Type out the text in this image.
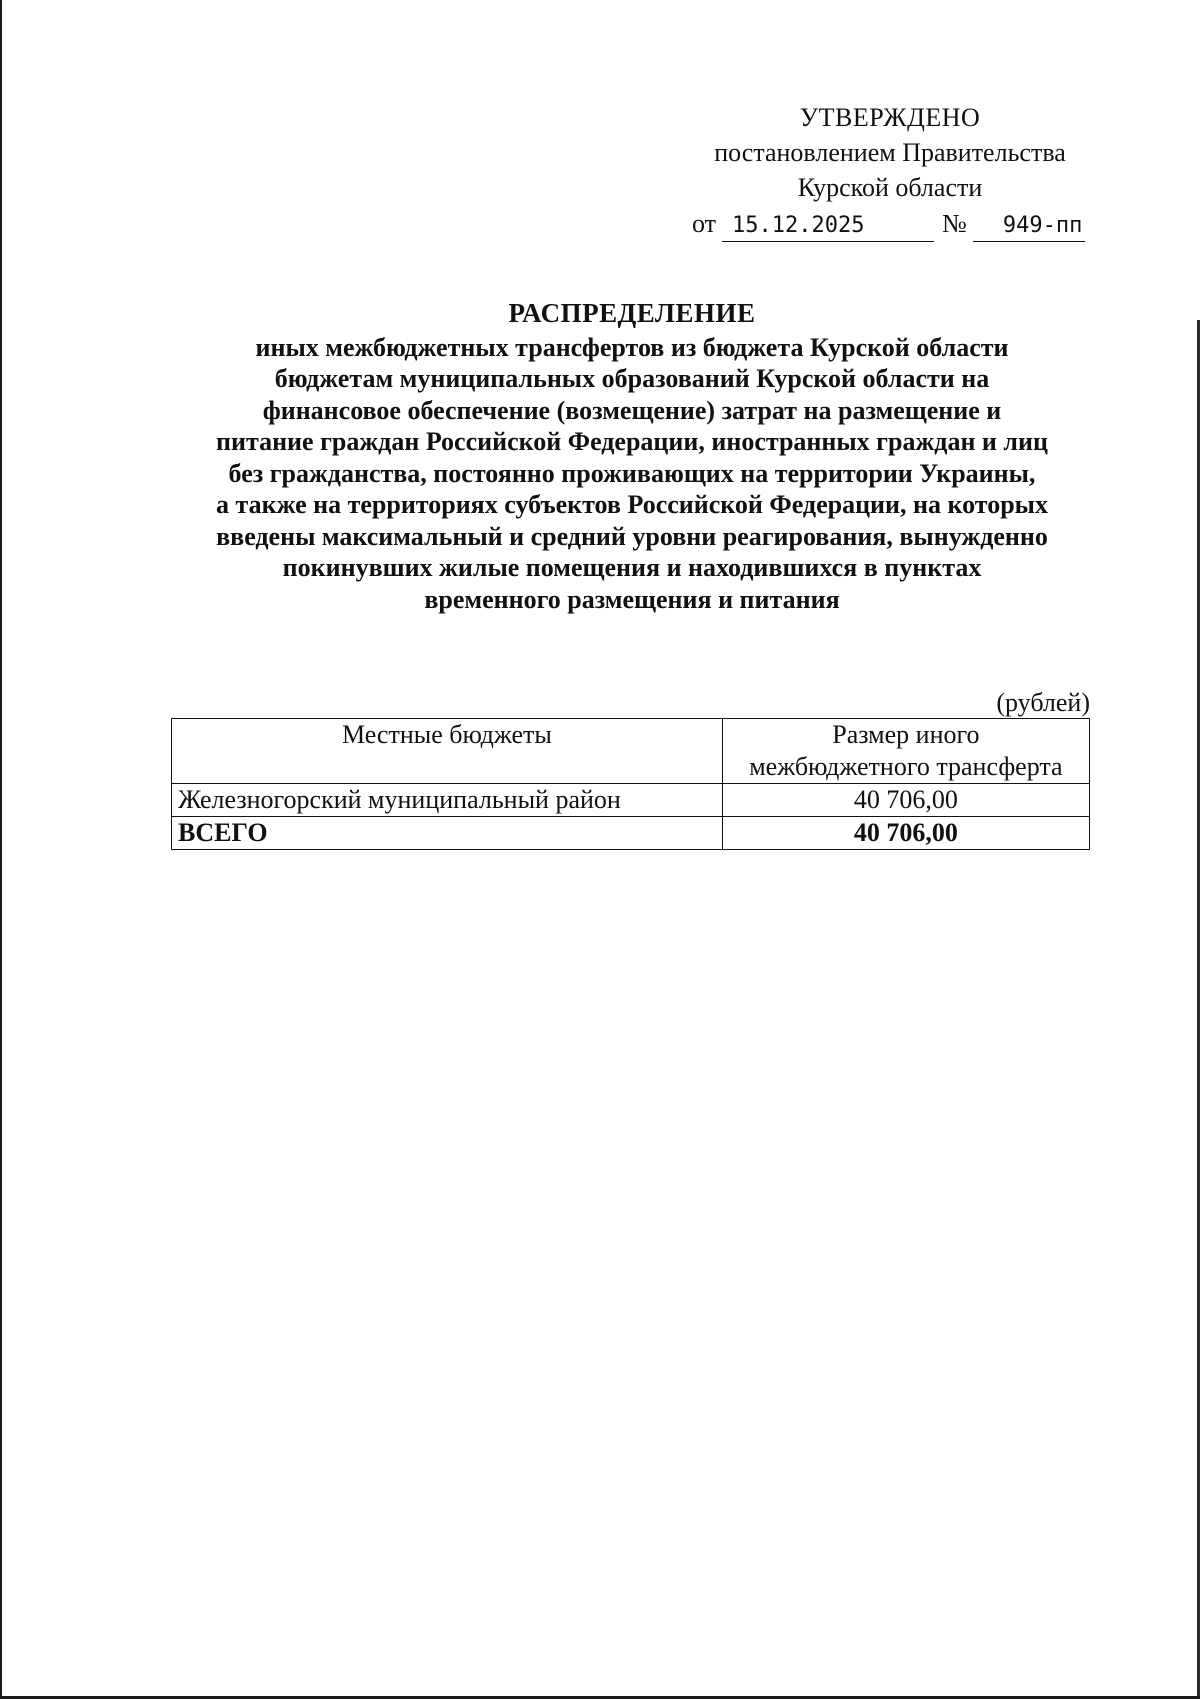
УТВЕРЖДЕНО
постановлением Правительства
Курской области
от 15.12.2025	№ 949-пп
РАСПРЕДЕЛЕНИЕ
иных межбюджетных трансфертов из бюджета Курской области
бюджетам муниципальных образований Курской области на
финансовое обеспечение (возмещение) затрат на размещение и
питание граждан Российской Федерации, иностранных граждан и лиц
без гражданства, постоянно проживающих на территории Украины,
а также на территориях субъектов Российской Федерации, на которых
введены максимальный и средний уровни реагирования, вынужденно
покинувших жилые помещения и находившихся в пунктах
временного размещения и питания
(рублей)
Местные бюджеты	Размер иного
межбюджетного трансферта
Железногорский муниципальный район	40 706,00
ВСЕГО	40 706,00
